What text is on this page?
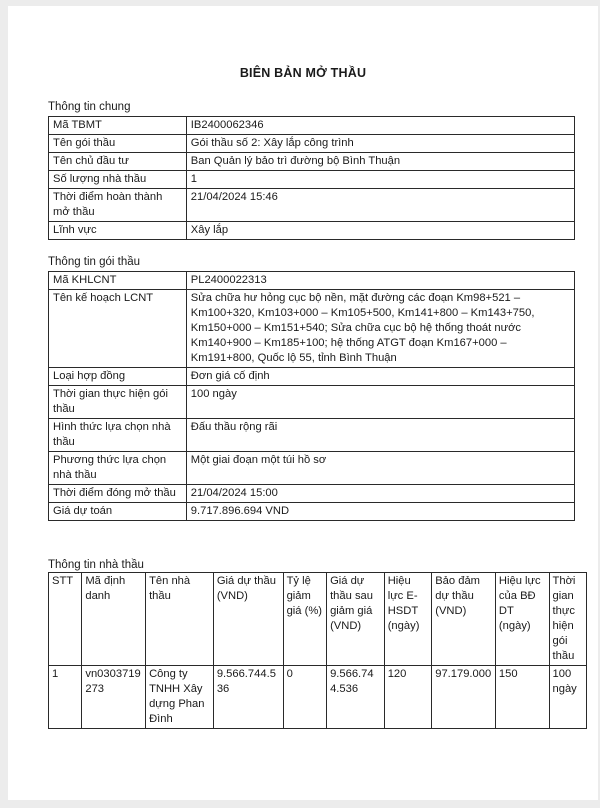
BIÊN BẢN MỞ THẦU
Thông tin chung
Mã TBMT	IB2400062346
Tên gói thầu	Gói thầu số 2: Xây lắp công trình
Tên chủ đầu tư	Ban Quản lý bảo trì đường bộ Bình Thuận
Số lượng nhà thầu	1
Thời điểm hoàn thành mở thầu	21/04/2024 15:46
Lĩnh vực	Xây lắp
Thông tin gói thầu
Mã KHLCNT	PL2400022313
Tên kế hoạch LCNT	Sửa chữa hư hỏng cục bộ nền, mặt đường các đoạn Km98+521 – Km100+320, Km103+000 – Km105+500, Km141+800 – Km143+750, Km150+000 – Km151+540; Sửa chữa cục bộ hệ thống thoát nước Km140+900 – Km185+100; hệ thống ATGT đoạn Km167+000 – Km191+800, Quốc lộ 55, tỉnh Bình Thuận
Loại hợp đồng	Đơn giá cố định
Thời gian thực hiện gói thầu	100 ngày
Hình thức lựa chọn nhà thầu	Đấu thầu rộng rãi
Phương thức lựa chọn nhà thầu	Một giai đoạn một túi hồ sơ
Thời điểm đóng mở thầu	21/04/2024 15:00
Giá dự toán	9.717.896.694 VND
Thông tin nhà thầu
STT	Mã định danh	Tên nhà thầu	Giá dự thầu (VND)	Tỷ lệ giảm giá (%)	Giá dự thầu sau giảm giá (VND)	Hiệu lực E-HSDT (ngày)	Bảo đảm dự thầu (VND)	Hiệu lực của BĐ DT (ngày)	Thời gian thực hiện gói thầu
1	vn0303719273	Công ty TNHH Xây dựng Phan Đình	9.566.744.536	0	9.566.744.536	120	97.179.000	150	100 ngày
